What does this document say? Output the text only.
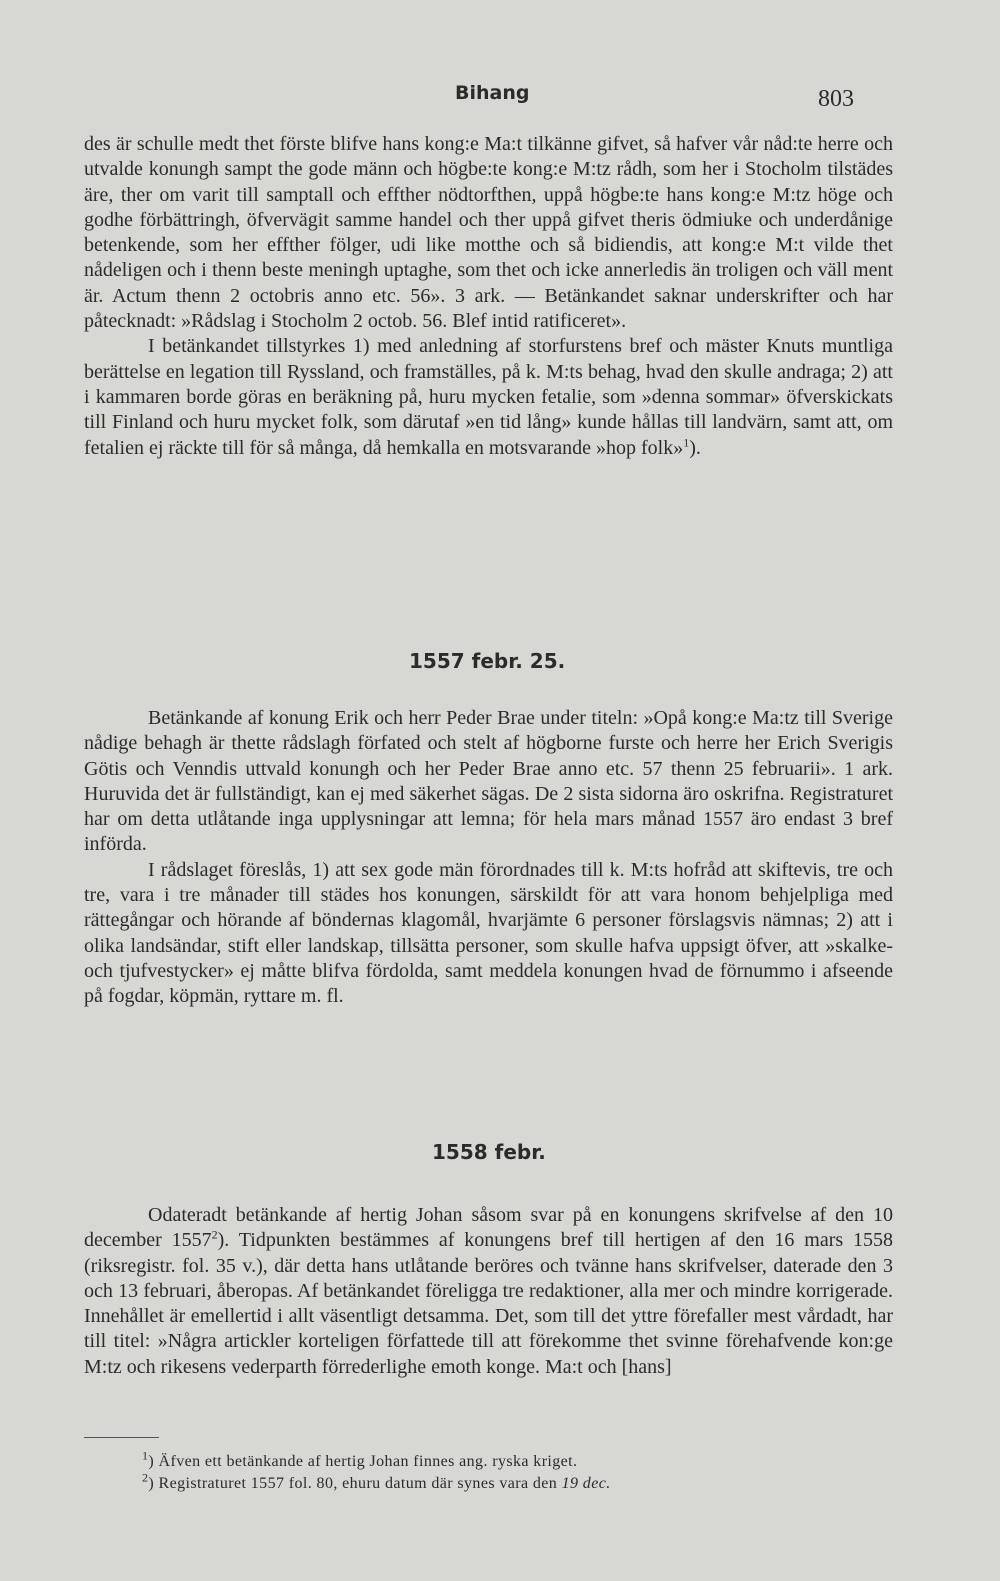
Bihang	803

des är schulle medt thet förste blifve hans kong:e Ma:t tilkänne gifvet, så hafver vår nåd:te herre och utvalde konungh sampt the gode männ och högbe:te kong:e M:tz rådh, som her i Stocholm tilstädes äre, ther om varit till samptall och effther nödtorfthen, uppå högbe:te hans kong:e M:tz höge och godhe förbättringh, öfvervägit samme handel och ther uppå gifvet theris ödmiuke och underdånige betenkende, som her effther fölger, udi like motthe och så bidiendis, att kong:e M:t vilde thet nådeligen och i thenn beste meningh uptaghe, som thet och icke annerledis än troligen och väll ment är. Actum thenn 2 octobris anno etc. 56». 3 ark. — Betänkandet saknar underskrifter och har påtecknadt: »Rådslag i Stocholm 2 octob. 56. Blef intid ratificeret».

I betänkandet tillstyrkes 1) med anledning af storfurstens bref och mäster Knuts muntliga berättelse en legation till Ryssland, och framställes, på k. M:ts behag, hvad den skulle andraga; 2) att i kammaren borde göras en beräkning på, huru mycken fetalie, som »denna sommar» öfverskickats till Finland och huru mycket folk, som därutaf »en tid lång» kunde hållas till landvärn, samt att, om fetalien ej räckte till för så många, då hemkalla en motsvarande »hop folk»$^1$).

1557 febr. 25.

Betänkande af konung Erik och herr Peder Brae under titeln: »Opå kong:e Ma:tz till Sverige nådige behagh är thette rådslagh förfated och stelt af högborne furste och herre her Erich Sverigis Götis och Venndis uttvald konungh och her Peder Brae anno etc. 57 thenn 25 februarii». 1 ark. Huruvida det är fullständigt, kan ej med säkerhet sägas. De 2 sista sidorna äro oskrifna. Registraturet har om detta utlåtande inga upplysningar att lemna; för hela mars månad 1557 äro endast 3 bref införda.

I rådslaget föreslås, 1) att sex gode män förordnades till k. M:ts hofråd att skiftevis, tre och tre, vara i tre månader till städes hos konungen, särskildt för att vara honom behjelpliga med rättegångar och hörande af böndernas klagomål, hvarjämte 6 personer förslagsvis nämnas; 2) att i olika landsändar, stift eller landskap, tillsätta personer, som skulle hafva uppsigt öfver, att »skalke- och tjufvestycker» ej måtte blifva fördolda, samt meddela konungen hvad de förnummo i afseende på fogdar, köpmän, ryttare m. fl.

1558 febr.

Odateradt betänkande af hertig Johan såsom svar på en konungens skrifvelse af den 10 december 1557$^2$). Tidpunkten bestämmes af konungens bref till hertigen af den 16 mars 1558 (riksregistr. fol. 35 v.), där detta hans utlåtande beröres och tvänne hans skrifvelser, daterade den 3 och 13 februari, åberopas. Af betänkandet föreligga tre redaktioner, alla mer och mindre korrigerade. Innehållet är emellertid i allt väsentligt detsamma. Det, som till det yttre förefaller mest vårdadt, har till titel: »Några artickler korteligen författede till att förekomme thet svinne förehafvende kon:ge M:tz och rikesens vederparth förrederlighe emoth konge. Ma:t och [hans]

$^1$) Äfven ett betänkande af hertig Johan finnes ang. ryska kriget.
$^2$) Registraturet 1557 fol. 80, ehuru datum där synes vara den 19 dec.
